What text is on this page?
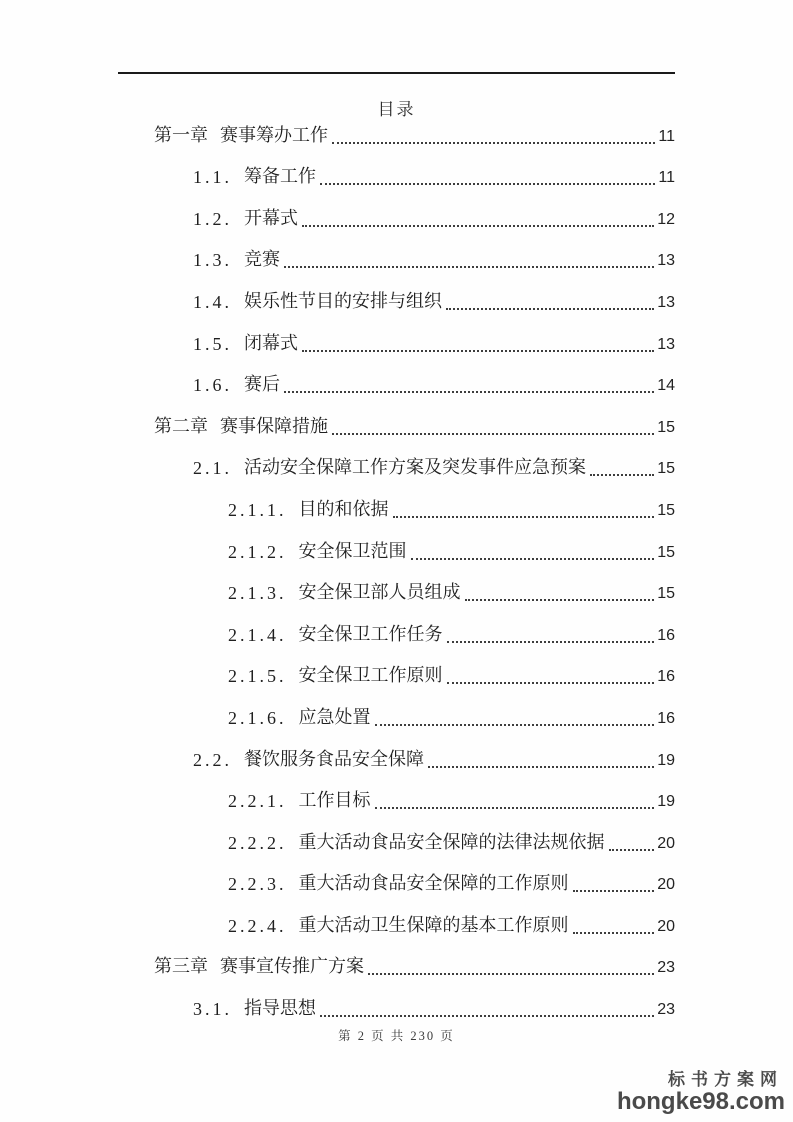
目录
第一章 赛事筹办工作	11
1.1. 筹备工作	11
1.2. 开幕式	12
1.3. 竞赛	13
1.4. 娱乐性节目的安排与组织	13
1.5. 闭幕式	13
1.6. 赛后	14
第二章 赛事保障措施	15
2.1. 活动安全保障工作方案及突发事件应急预案	15
2.1.1. 目的和依据	15
2.1.2. 安全保卫范围	15
2.1.3. 安全保卫部人员组成	15
2.1.4. 安全保卫工作任务	16
2.1.5. 安全保卫工作原则	16
2.1.6. 应急处置	16
2.2. 餐饮服务食品安全保障	19
2.2.1. 工作目标	19
2.2.2. 重大活动食品安全保障的法律法规依据	20
2.2.3. 重大活动食品安全保障的工作原则	20
2.2.4. 重大活动卫生保障的基本工作原则	20
第三章 赛事宣传推广方案	23
3.1. 指导思想	23
第 2 页 共 230 页
标书方案网
hongke98.com
